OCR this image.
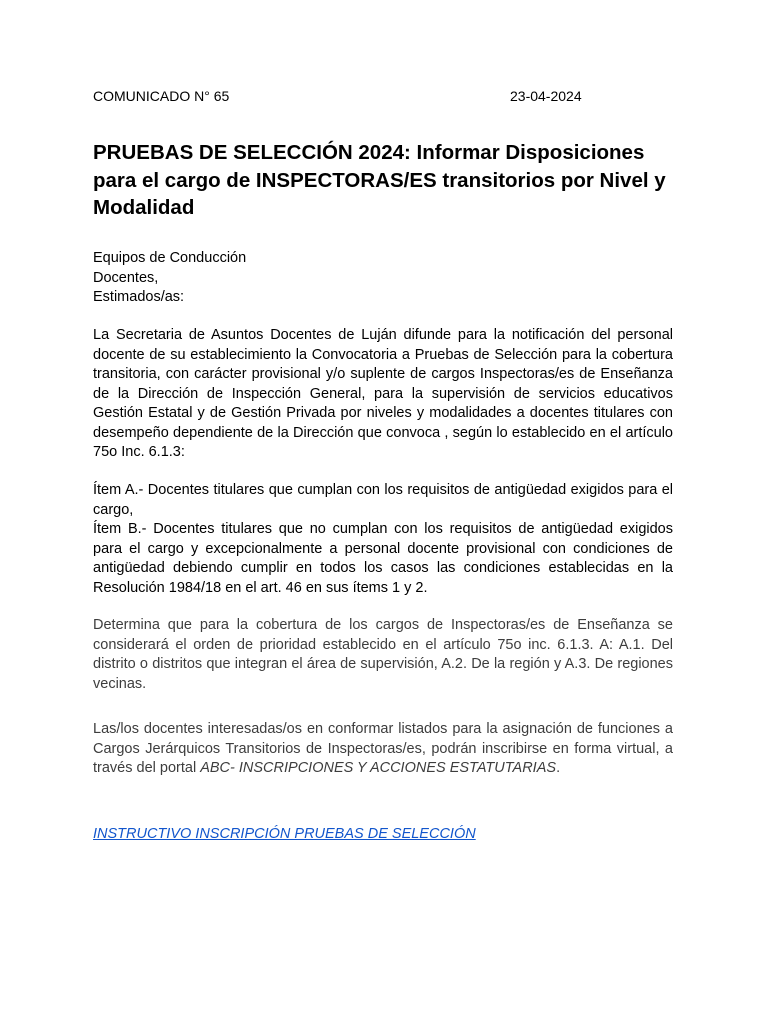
COMUNICADO N° 65	23-04-2024
PRUEBAS DE SELECCIÓN 2024: Informar Disposiciones para el cargo de INSPECTORAS/ES transitorios por Nivel y Modalidad
Equipos de Conducción
Docentes,
Estimados/as:

La Secretaria de Asuntos Docentes de Luján difunde para la notificación del personal docente de su establecimiento la Convocatoria a Pruebas de Selección para la cobertura transitoria, con carácter provisional y/o suplente de cargos Inspectoras/es de Enseñanza de la Dirección de Inspección General, para la supervisión de servicios educativos Gestión Estatal y de Gestión Privada por niveles y modalidades a docentes titulares con desempeño dependiente de la Dirección que convoca , según lo establecido en el artículo 75o Inc. 6.1.3:

Ítem A.- Docentes titulares que cumplan con los requisitos de antigüedad exigidos para el cargo,
Ítem B.- Docentes titulares que no cumplan con los requisitos de antigüedad exigidos para el cargo y excepcionalmente a personal docente provisional con condiciones de antigüedad debiendo cumplir en todos los casos las condiciones establecidas en la Resolución 1984/18 en el art. 46 en sus ítems 1 y 2.

Determina que para la cobertura de los cargos de Inspectoras/es de Enseñanza se considerará el orden de prioridad establecido en el artículo 75o inc. 6.1.3. A: A.1. Del distrito o distritos que integran el área de supervisión, A.2. De la región y A.3. De regiones vecinas.

Las/los docentes interesadas/os en conformar listados para la asignación de funciones a Cargos Jerárquicos Transitorios de Inspectoras/es, podrán inscribirse en forma virtual, a través del portal ABC- INSCRIPCIONES Y ACCIONES ESTATUTARIAS.

INSTRUCTIVO INSCRIPCIÓN PRUEBAS DE SELECCIÓN
